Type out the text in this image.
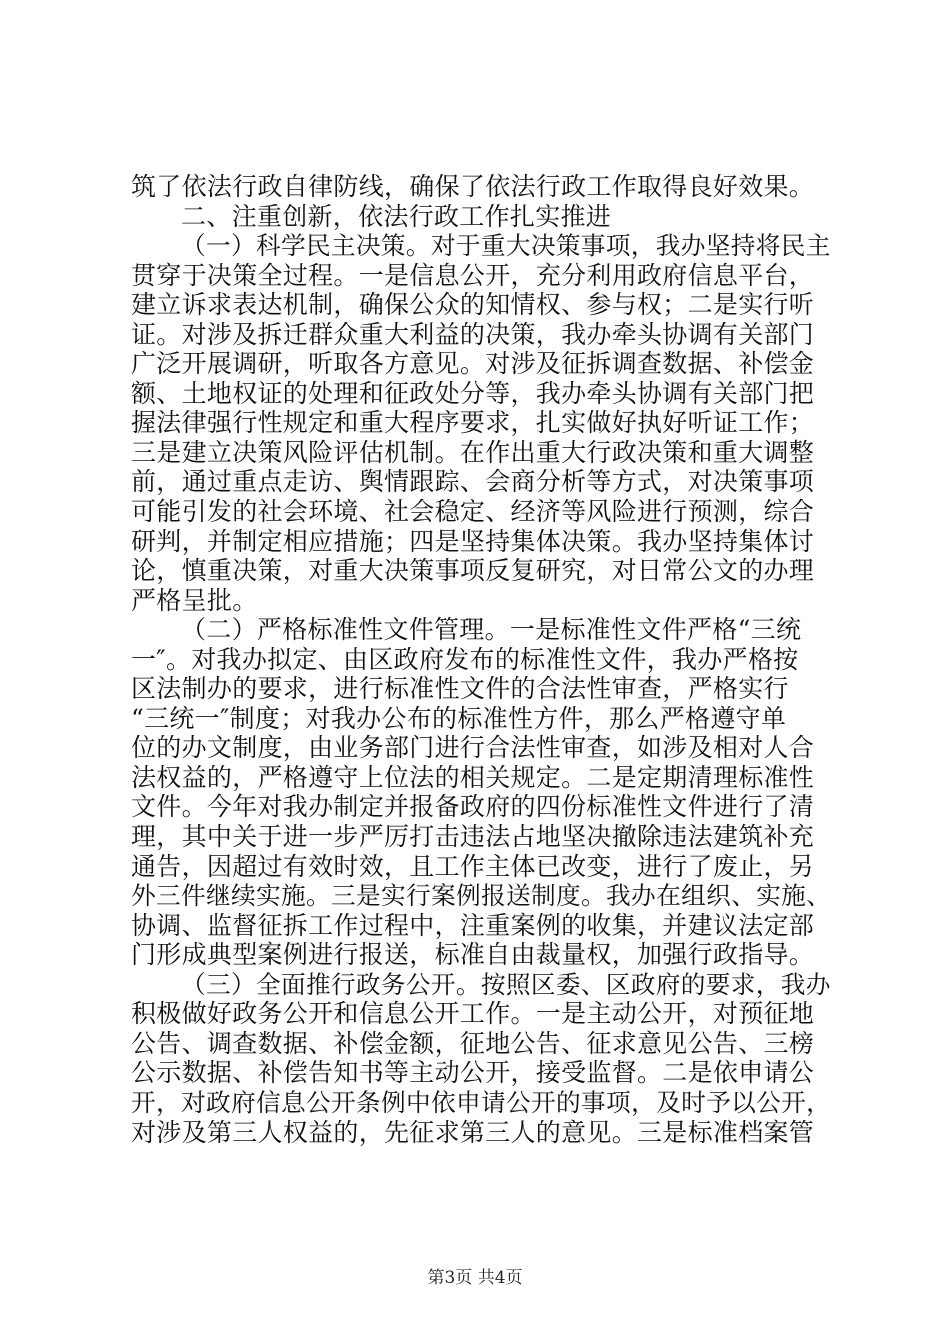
筑了依法行政自律防线，确保了依法行政工作取得良好效果。
二、注重创新，依法行政工作扎实推进
（一）科学民主决策。对于重大决策事项，我办坚持将民主
贯穿于决策全过程。一是信息公开，充分利用政府信息平台，
建立诉求表达机制，确保公众的知情权、参与权；二是实行听
证。对涉及拆迁群众重大利益的决策，我办牵头协调有关部门
广泛开展调研，听取各方意见。对涉及征拆调查数据、补偿金
额、土地权证的处理和征政处分等，我办牵头协调有关部门把
握法律强行性规定和重大程序要求，扎实做好执好听证工作；
三是建立决策风险评估机制。在作出重大行政决策和重大调整
前，通过重点走访、舆情跟踪、会商分析等方式，对决策事项
可能引发的社会环境、社会稳定、经济等风险进行预测，综合
研判，并制定相应措施；四是坚持集体决策。我办坚持集体讨
论，慎重决策，对重大决策事项反复研究，对日常公文的办理
严格呈批。
（二）严格标准性文件管理。一是标准性文件严格“三统
一″。对我办拟定、由区政府发布的标准性文件，我办严格按
区法制办的要求，进行标准性文件的合法性审查，严格实行
“三统一″制度；对我办公布的标准性方件，那么严格遵守单
位的办文制度，由业务部门进行合法性审查，如涉及相对人合
法权益的，严格遵守上位法的相关规定。二是定期清理标准性
文件。今年对我办制定并报备政府的四份标准性文件进行了清
理，其中关于进一步严厉打击违法占地坚决撤除违法建筑补充
通告，因超过有效时效，且工作主体已改变，进行了废止，另
外三件继续实施。三是实行案例报送制度。我办在组织、实施、
协调、监督征拆工作过程中，注重案例的收集，并建议法定部
门形成典型案例进行报送，标准自由裁量权，加强行政指导。
（三）全面推行政务公开。按照区委、区政府的要求，我办
积极做好政务公开和信息公开工作。一是主动公开，对预征地
公告、调查数据、补偿金额，征地公告、征求意见公告、三榜
公示数据、补偿告知书等主动公开，接受监督。二是依申请公
开，对政府信息公开条例中依申请公开的事项，及时予以公开，
对涉及第三人权益的，先征求第三人的意见。三是标准档案管
第3页 共4页
